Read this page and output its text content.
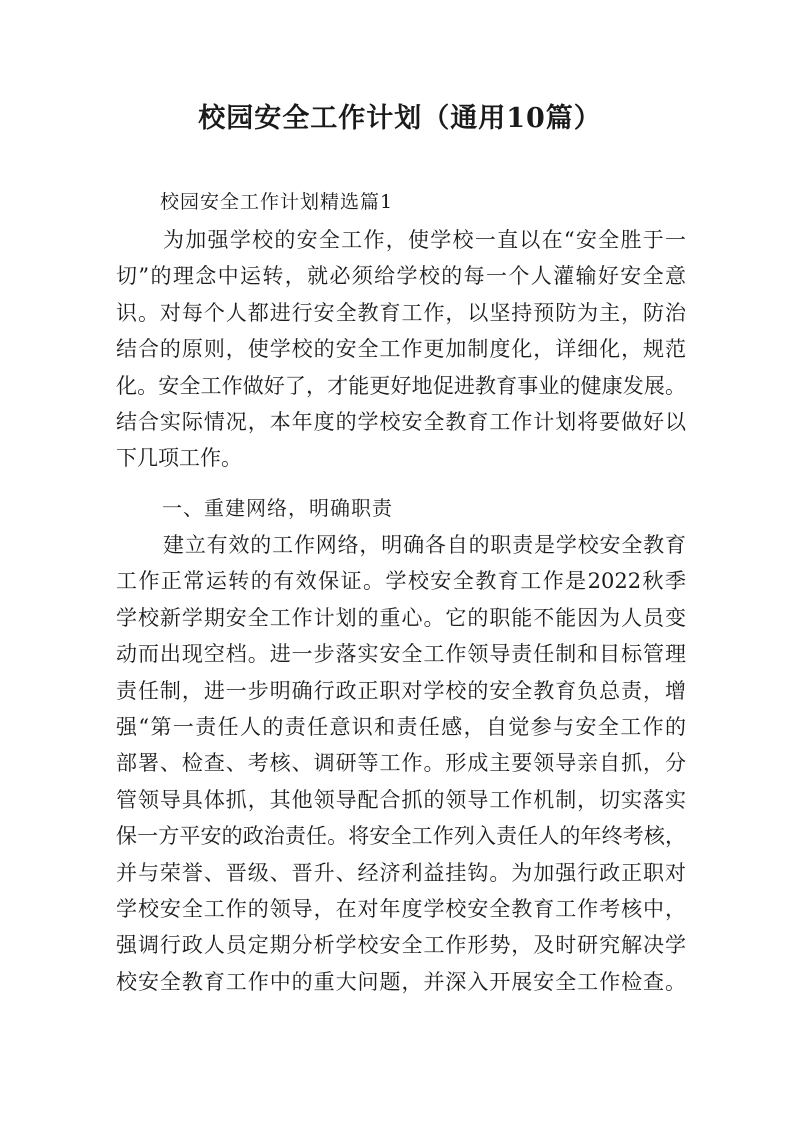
校园安全工作计划（通用10篇）

校园安全工作计划精选篇1

为加强学校的安全工作，使学校一直以在“安全胜于一
切”的理念中运转，就必须给学校的每一个人灌输好安全意
识。对每个人都进行安全教育工作，以坚持预防为主，防治
结合的原则，使学校的安全工作更加制度化，详细化，规范
化。安全工作做好了，才能更好地促进教育事业的健康发展。
结合实际情况，本年度的学校安全教育工作计划将要做好以
下几项工作。
一、重建网络，明确职责
建立有效的工作网络，明确各自的职责是学校安全教育
工作正常运转的有效保证。学校安全教育工作是2022秋季
学校新学期安全工作计划的重心。它的职能不能因为人员变
动而出现空档。进一步落实安全工作领导责任制和目标管理
责任制，进一步明确行政正职对学校的安全教育负总责，增
强“第一责任人的责任意识和责任感，自觉参与安全工作的
部署、检查、考核、调研等工作。形成主要领导亲自抓，分
管领导具体抓，其他领导配合抓的领导工作机制，切实落实
保一方平安的政治责任。将安全工作列入责任人的年终考核，
并与荣誉、晋级、晋升、经济利益挂钩。为加强行政正职对
学校安全工作的领导，在对年度学校安全教育工作考核中，
强调行政人员定期分析学校安全工作形势，及时研究解决学
校安全教育工作中的重大问题，并深入开展安全工作检查。
